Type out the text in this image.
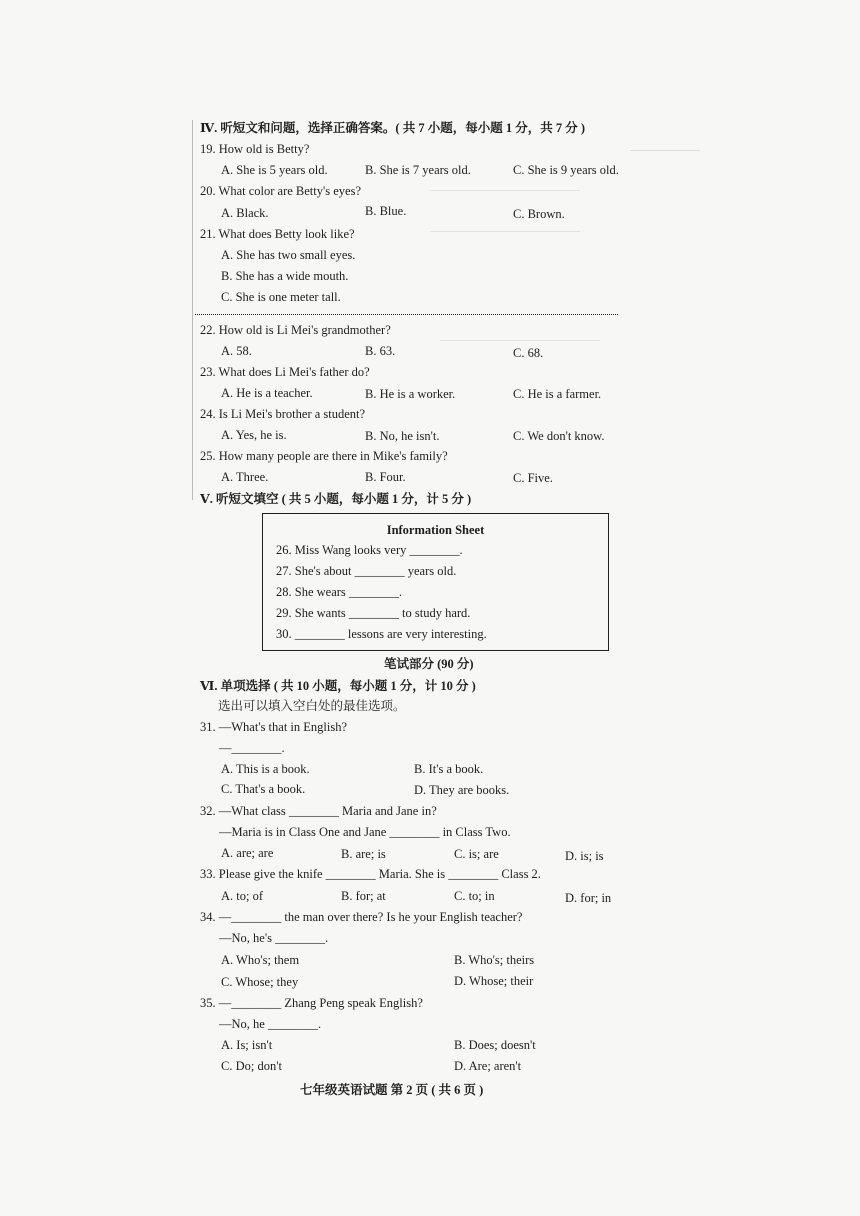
Ⅳ. 听短文和问题，选择正确答案。( 共 7 小题，每小题 1 分，共 7 分 )
19. How old is Betty?
A. She is 5 years old.	B. She is 7 years old.	C. She is 9 years old.
20. What color are Betty's eyes?
A. Black.	B. Blue.	C. Brown.
21. What does Betty look like?
A. She has two small eyes.
B. She has a wide mouth.
C. She is one meter tall.
22. How old is Li Mei's grandmother?
A. 58.	B. 63.	C. 68.
23. What does Li Mei's father do?
A. He is a teacher.	B. He is a worker.	C. He is a farmer.
24. Is Li Mei's brother a student?
A. Yes, he is.	B. No, he isn't.	C. We don't know.
25. How many people are there in Mike's family?
A. Three.	B. Four.	C. Five.
Ⅴ. 听短文填空 ( 共 5 小题，每小题 1 分，计 5 分 )
Information Sheet
26. Miss Wang looks very ________.
27. She's about ________ years old.
28. She wears ________.
29. She wants ________ to study hard.
30. ________ lessons are very interesting.
笔试部分 (90 分)
Ⅵ. 单项选择 ( 共 10 小题，每小题 1 分，计 10 分 )
选出可以填入空白处的最佳选项。
31. —What's that in English?
—________.
A. This is a book.	B. It's a book.
C. That's a book.	D. They are books.
32. —What class ________ Maria and Jane in?
—Maria is in Class One and Jane ________ in Class Two.
A. are; are	B. are; is	C. is; are	D. is; is
33. Please give the knife ________ Maria. She is ________ Class 2.
A. to; of	B. for; at	C. to; in	D. for; in
34. —________ the man over there? Is he your English teacher?
—No, he's ________.
A. Who's; them	B. Who's; theirs
C. Whose; they	D. Whose; their
35. —________ Zhang Peng speak English?
—No, he ________.
A. Is; isn't	B. Does; doesn't
C. Do; don't	D. Are; aren't
七年级英语试题 第 2 页 ( 共 6 页 )
